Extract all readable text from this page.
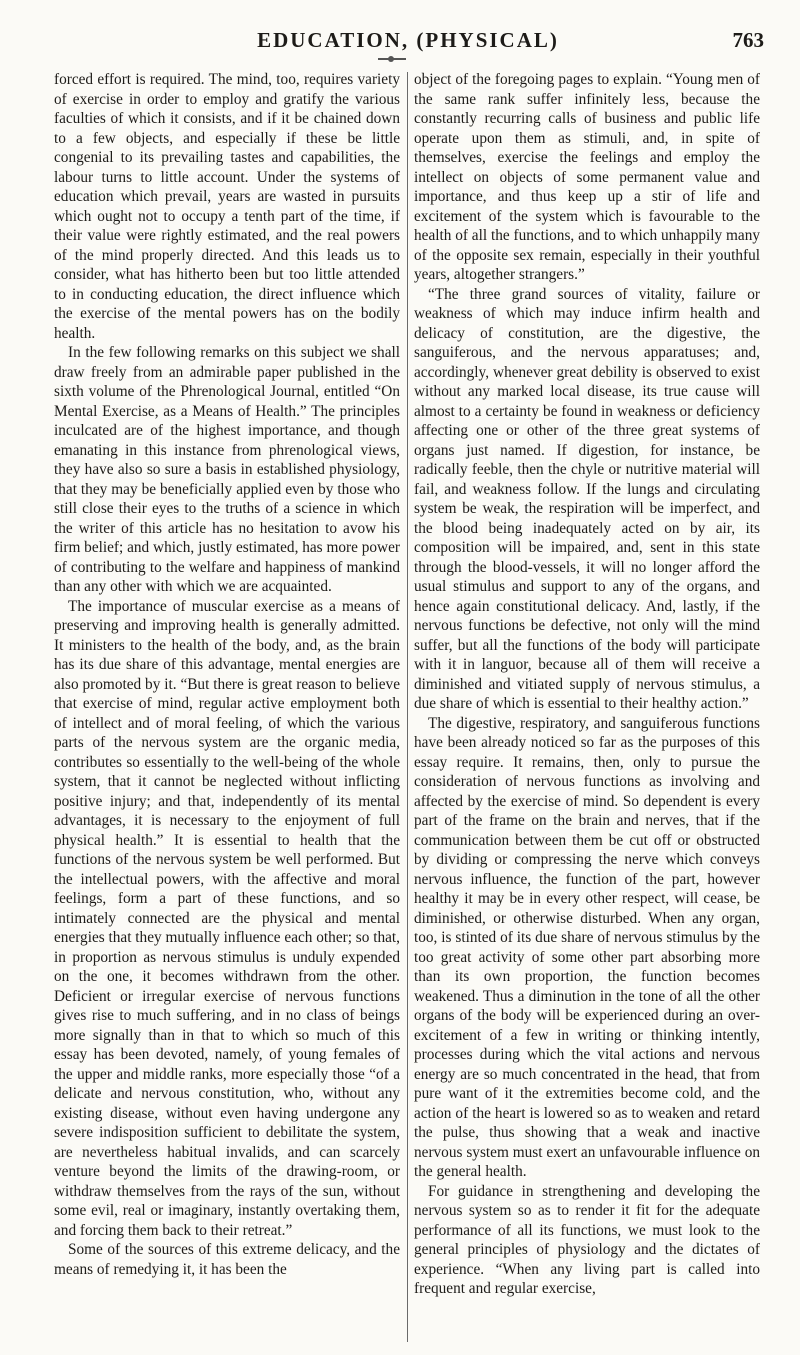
EDUCATION, (PHYSICAL)	763

forced effort is required. The mind, too, requires variety of exercise in order to employ and gratify the various faculties of which it consists, and if it be chained down to a few objects, and especially if these be little congenial to its prevailing tastes and capabilities, the labour turns to little account. Under the systems of education which prevail, years are wasted in pursuits which ought not to occupy a tenth part of the time, if their value were rightly estimated, and the real powers of the mind properly directed. And this leads us to consider, what has hitherto been but too little attended to in conducting education, the direct influence which the exercise of the mental powers has on the bodily health.

In the few following remarks on this subject we shall draw freely from an admirable paper published in the sixth volume of the Phrenological Journal, entitled “On Mental Exercise, as a Means of Health.” The principles inculcated are of the highest importance, and though emanating in this instance from phrenological views, they have also so sure a basis in established physiology, that they may be beneficially applied even by those who still close their eyes to the truths of a science in which the writer of this article has no hesitation to avow his firm belief; and which, justly estimated, has more power of contributing to the welfare and happiness of mankind than any other with which we are acquainted.

The importance of muscular exercise as a means of preserving and improving health is generally admitted. It ministers to the health of the body, and, as the brain has its due share of this advantage, mental energies are also promoted by it. “But there is great reason to believe that exercise of mind, regular active employment both of intellect and of moral feeling, of which the various parts of the nervous system are the organic media, contributes so essentially to the well-being of the whole system, that it cannot be neglected without inflicting positive injury; and that, independently of its mental advantages, it is necessary to the enjoyment of full physical health.” It is essential to health that the functions of the nervous system be well performed. But the intellectual powers, with the affective and moral feelings, form a part of these functions, and so intimately connected are the physical and mental energies that they mutually influence each other; so that, in proportion as nervous stimulus is unduly expended on the one, it becomes withdrawn from the other. Deficient or irregular exercise of nervous functions gives rise to much suffering, and in no class of beings more signally than in that to which so much of this essay has been devoted, namely, of young females of the upper and middle ranks, more especially those “of a delicate and nervous constitution, who, without any existing disease, without even having undergone any severe indisposition sufficient to debilitate the system, are nevertheless habitual invalids, and can scarcely venture beyond the limits of the drawing-room, or withdraw themselves from the rays of the sun, without some evil, real or imaginary, instantly overtaking them, and forcing them back to their retreat.”

Some of the sources of this extreme delicacy, and the means of remedying it, it has been the

object of the foregoing pages to explain. “Young men of the same rank suffer infinitely less, because the constantly recurring calls of business and public life operate upon them as stimuli, and, in spite of themselves, exercise the feelings and employ the intellect on objects of some permanent value and importance, and thus keep up a stir of life and excitement of the system which is favourable to the health of all the functions, and to which unhappily many of the opposite sex remain, especially in their youthful years, altogether strangers.”

“The three grand sources of vitality, failure or weakness of which may induce infirm health and delicacy of constitution, are the digestive, the sanguiferous, and the nervous apparatuses; and, accordingly, whenever great debility is observed to exist without any marked local disease, its true cause will almost to a certainty be found in weakness or deficiency affecting one or other of the three great systems of organs just named. If digestion, for instance, be radically feeble, then the chyle or nutritive material will fail, and weakness follow. If the lungs and circulating system be weak, the respiration will be imperfect, and the blood being inadequately acted on by air, its composition will be impaired, and, sent in this state through the blood-vessels, it will no longer afford the usual stimulus and support to any of the organs, and hence again constitutional delicacy. And, lastly, if the nervous functions be defective, not only will the mind suffer, but all the functions of the body will participate with it in languor, because all of them will receive a diminished and vitiated supply of nervous stimulus, a due share of which is essential to their healthy action.”

The digestive, respiratory, and sanguiferous functions have been already noticed so far as the purposes of this essay require. It remains, then, only to pursue the consideration of nervous functions as involving and affected by the exercise of mind. So dependent is every part of the frame on the brain and nerves, that if the communication between them be cut off or obstructed by dividing or compressing the nerve which conveys nervous influence, the function of the part, however healthy it may be in every other respect, will cease, be diminished, or otherwise disturbed. When any organ, too, is stinted of its due share of nervous stimulus by the too great activity of some other part absorbing more than its own proportion, the function becomes weakened. Thus a diminution in the tone of all the other organs of the body will be experienced during an over-excitement of a few in writing or thinking intently, processes during which the vital actions and nervous energy are so much concentrated in the head, that from pure want of it the extremities become cold, and the action of the heart is lowered so as to weaken and retard the pulse, thus showing that a weak and inactive nervous system must exert an unfavourable influence on the general health.

For guidance in strengthening and developing the nervous system so as to render it fit for the adequate performance of all its functions, we must look to the general principles of physiology and the dictates of experience. “When any living part is called into frequent and regular exercise,
